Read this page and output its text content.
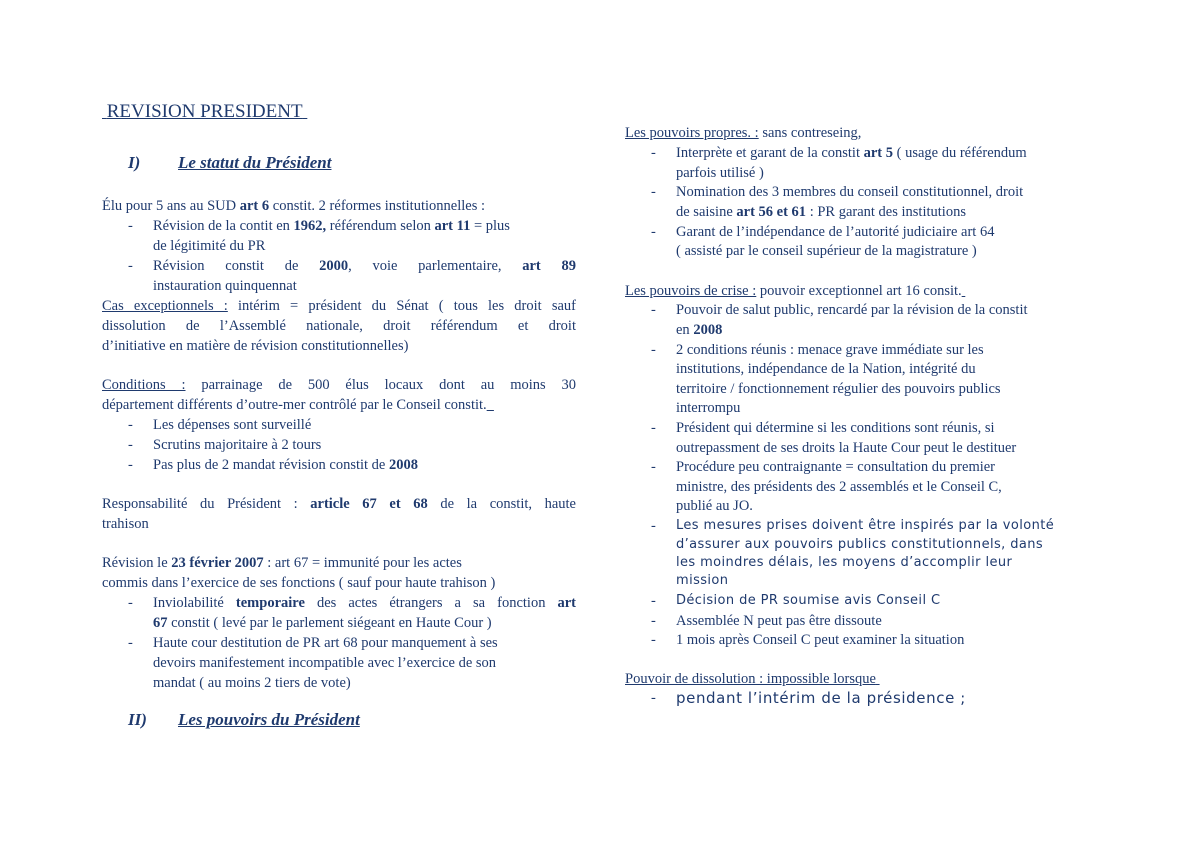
REVISION PRESIDENT
I) Le statut du Président
Élu pour 5 ans au SUD art 6 constit. 2 réformes institutionnelles :
- Révision de la contit en 1962, référendum selon art 11 = plus
de légitimité du PR
- Révision constit de 2000, voie parlementaire, art 89
instauration quinquennat
Cas exceptionnels : intérim = président du Sénat ( tous les droit sauf
dissolution de l’Assemblé nationale, droit référendum et droit
d’initiative en matière de révision constitutionnelles)
Conditions : parrainage de 500 élus locaux dont au moins 30
département différents d’outre-mer contrôlé par le Conseil constit.
- Les dépenses sont surveillé
- Scrutins majoritaire à 2 tours
- Pas plus de 2 mandat révision constit de 2008
Responsabilité du Président : article 67 et 68 de la constit, haute
trahison
Révision le 23 février 2007 : art 67 = immunité pour les actes
commis dans l’exercice de ses fonctions ( sauf pour haute trahison )
- Inviolabilité temporaire des actes étrangers a sa fonction art
67 constit ( levé par le parlement siégeant en Haute Cour )
- Haute cour destitution de PR art 68 pour manquement à ses
devoirs manifestement incompatible avec l’exercice de son
mandat ( au moins 2 tiers de vote)
II) Les pouvoirs du Président
Les pouvoirs propres. : sans contreseing,
- Interprète et garant de la constit art 5 ( usage du référendum
parfois utilisé )
- Nomination des 3 membres du conseil constitutionnel, droit
de saisine art 56 et 61 : PR garant des institutions
- Garant de l’indépendance de l’autorité judiciaire art 64
( assisté par le conseil supérieur de la magistrature )
Les pouvoirs de crise : pouvoir exceptionnel art 16 consit.
- Pouvoir de salut public, rencardé par la révision de la constit
en 2008
- 2 conditions réunis : menace grave immédiate sur les
institutions, indépendance de la Nation, intégrité du
territoire / fonctionnement régulier des pouvoirs publics
interrompu
- Président qui détermine si les conditions sont réunis, si
outrepassment de ses droits la Haute Cour peut le destituer
- Procédure peu contraignante = consultation du premier
ministre, des présidents des 2 assemblés et le Conseil C,
publié au JO.
- Les mesures prises doivent être inspirés par la volonté
d’assurer aux pouvoirs publics constitutionnels, dans
les moindres délais, les moyens d’accomplir leur
mission
- Décision de PR soumise avis Conseil C
- Assemblée N peut pas être dissoute
- 1 mois après Conseil C peut examiner la situation
Pouvoir de dissolution : impossible lorsque
- pendant l’intérim de la présidence ;
